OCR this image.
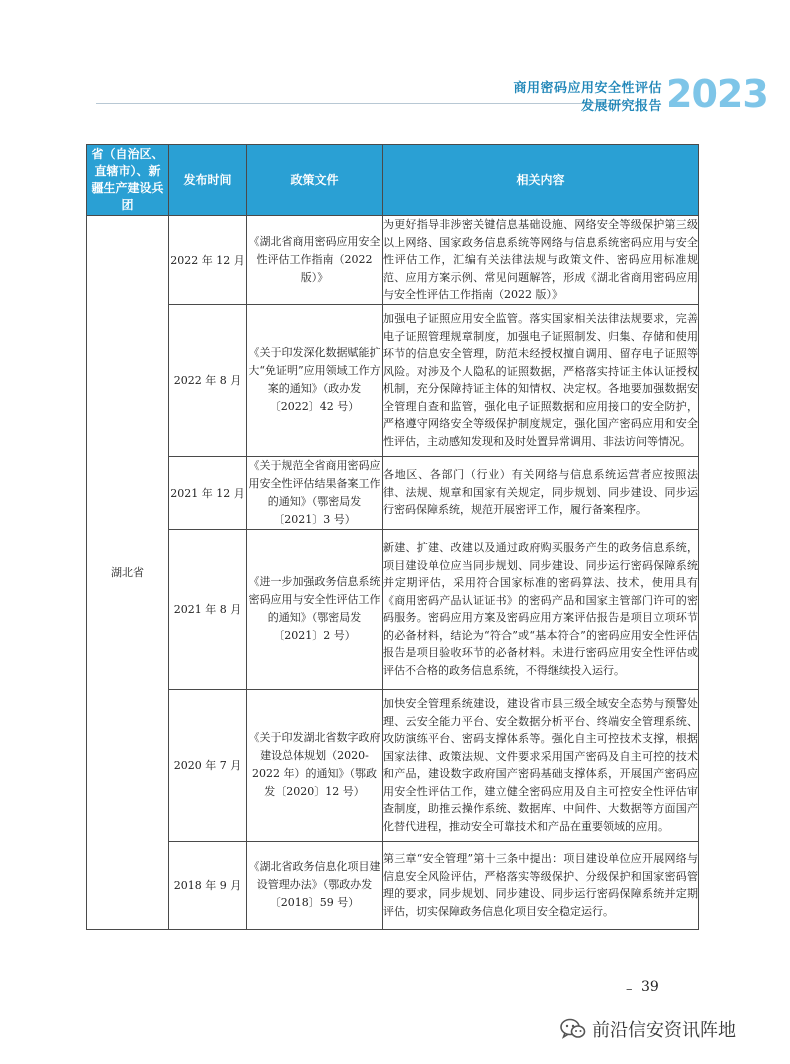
商用密码应用安全性评估
发展研究报告 2023
省（自治区、直辖市）、新疆生产建设兵团	发布时间	政策文件	相关内容
湖北省	2022 年 12 月	《湖北省商用密码应用安全性评估工作指南（2022 版）》	为更好指导非涉密关键信息基础设施、网络安全等级保护第三级以上网络、国家政务信息系统等网络与信息系统密码应用与安全性评估工作，汇编有关法律法规与政策文件、密码应用标准规范、应用方案示例、常见问题解答，形成《湖北省商用密码应用与安全性评估工作指南（2022 版）》
	2022 年 8 月	《关于印发深化数据赋能扩大“免证明”应用领域工作方案的通知》（政办发〔2022〕42 号）	加强电子证照应用安全监管。落实国家相关法律法规要求，完善电子证照管理规章制度，加强电子证照制发、归集、存储和使用环节的信息安全管理，防范未经授权擅自调用、留存电子证照等风险。对涉及个人隐私的证照数据，严格落实持证主体认证授权机制，充分保障持证主体的知情权、决定权。各地要加强数据安全管理自查和监管，强化电子证照数据和应用接口的安全防护，严格遵守网络安全等级保护制度规定，强化国产密码应用和安全性评估，主动感知发现和及时处置异常调用、非法访问等情况。
	2021 年 12 月	《关于规范全省商用密码应用安全性评估结果备案工作的通知》（鄂密局发〔2021〕3 号）	各地区、各部门（行业）有关网络与信息系统运营者应按照法律、法规、规章和国家有关规定，同步规划、同步建设、同步运行密码保障系统，规范开展密评工作，履行备案程序。
	2021 年 8 月	《进一步加强政务信息系统密码应用与安全性评估工作的通知》（鄂密局发〔2021〕2 号）	新建、扩建、改建以及通过政府购买服务产生的政务信息系统，项目建设单位应当同步规划、同步建设、同步运行密码保障系统并定期评估，采用符合国家标准的密码算法、技术，使用具有《商用密码产品认证证书》的密码产品和国家主管部门许可的密码服务。密码应用方案及密码应用方案评估报告是项目立项环节的必备材料，结论为“符合”或“基本符合”的密码应用安全性评估报告是项目验收环节的必备材料。未进行密码应用安全性评估或评估不合格的政务信息系统，不得继续投入运行。
	2020 年 7 月	《关于印发湖北省数字政府建设总体规划（2020-2022 年）的通知》（鄂政发〔2020〕12 号）	加快安全管理系统建设，建设省市县三级全域安全态势与预警处理、云安全能力平台、安全数据分析平台、终端安全管理系统、攻防演练平台、密码支撑体系等。强化自主可控技术支撑，根据国家法律、政策法规、文件要求采用国产密码及自主可控的技术和产品，建设数字政府国产密码基础支撑体系，开展国产密码应用安全性评估工作，建立健全密码应用及自主可控安全性评估审查制度，助推云操作系统、数据库、中间件、大数据等方面国产化替代进程，推动安全可靠技术和产品在重要领域的应用。
	2018 年 9 月	《湖北省政务信息化项目建设管理办法》（鄂政办发〔2018〕59 号）	第三章“安全管理”第十三条中提出：项目建设单位应开展网络与信息安全风险评估，严格落实等级保护、分级保护和国家密码管理的要求，同步规划、同步建设、同步运行密码保障系统并定期评估，切实保障政务信息化项目安全稳定运行。
– 39
前沿信安资讯阵地
